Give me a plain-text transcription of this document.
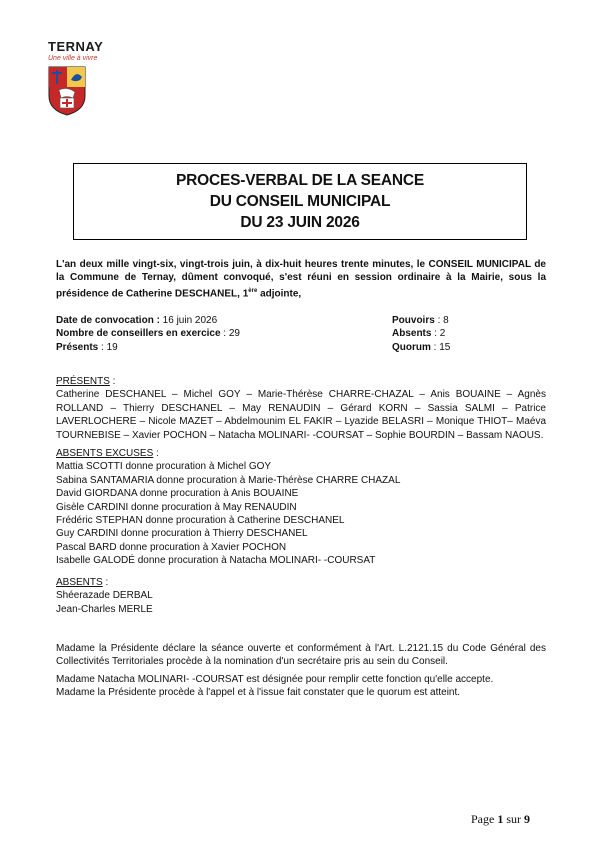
TERNAY
Une ville à vivre
PROCES-VERBAL DE LA SEANCE
DU CONSEIL MUNICIPAL
DU 23 JUIN 2026
L'an deux mille vingt-six, vingt-trois juin, à dix-huit heures trente minutes, le CONSEIL MUNICIPAL de la Commune de Ternay, dûment convoqué, s'est réuni en session ordinaire à la Mairie, sous la présidence de Catherine DESCHANEL, 1ère adjointe,
Date de convocation : 16 juin 2026
Nombre de conseillers en exercice : 29
Présents : 19
Pouvoirs : 8
Absents : 2
Quorum : 15
PRÉSENTS :
Catherine DESCHANEL – Michel GOY – Marie-Thérèse CHARRE-CHAZAL – Anis BOUAINE – Agnès ROLLAND – Thierry DESCHANEL – May RENAUDIN – Gérard KORN – Sassia SALMI – Patrice LAVERLOCHERE – Nicole MAZET – Abdelmounim EL FAKIR – Lyazide BELASRI – Monique THIOT– Maéva TOURNEBISE – Xavier POCHON – Natacha MOLINARI- -COURSAT – Sophie BOURDIN – Bassam NAOUS.
ABSENTS EXCUSES :
Mattia SCOTTI donne procuration à Michel GOY
Sabina SANTAMARIA donne procuration à Marie-Thérèse CHARRE CHAZAL
David GIORDANA donne procuration à Anis BOUAINE
Gisèle CARDINI donne procuration à May RENAUDIN
Frédéric STEPHAN donne procuration à Catherine DESCHANEL
Guy CARDINI donne procuration à Thierry DESCHANEL
Pascal BARD donne procuration à Xavier POCHON
Isabelle GALODÉ donne procuration à Natacha MOLINARI- -COURSAT
ABSENTS :
Shéerazade DERBAL
Jean-Charles MERLE

Madame la Présidente déclare la séance ouverte et conformément à l'Art. L.2121.15 du Code Général des Collectivités Territoriales procède à la nomination d'un secrétaire pris au sein du Conseil.

Madame Natacha MOLINARI- -COURSAT est désignée pour remplir cette fonction qu'elle accepte.

Madame la Présidente procède à l'appel et à l'issue fait constater que le quorum est atteint.

Page 1 sur 9
